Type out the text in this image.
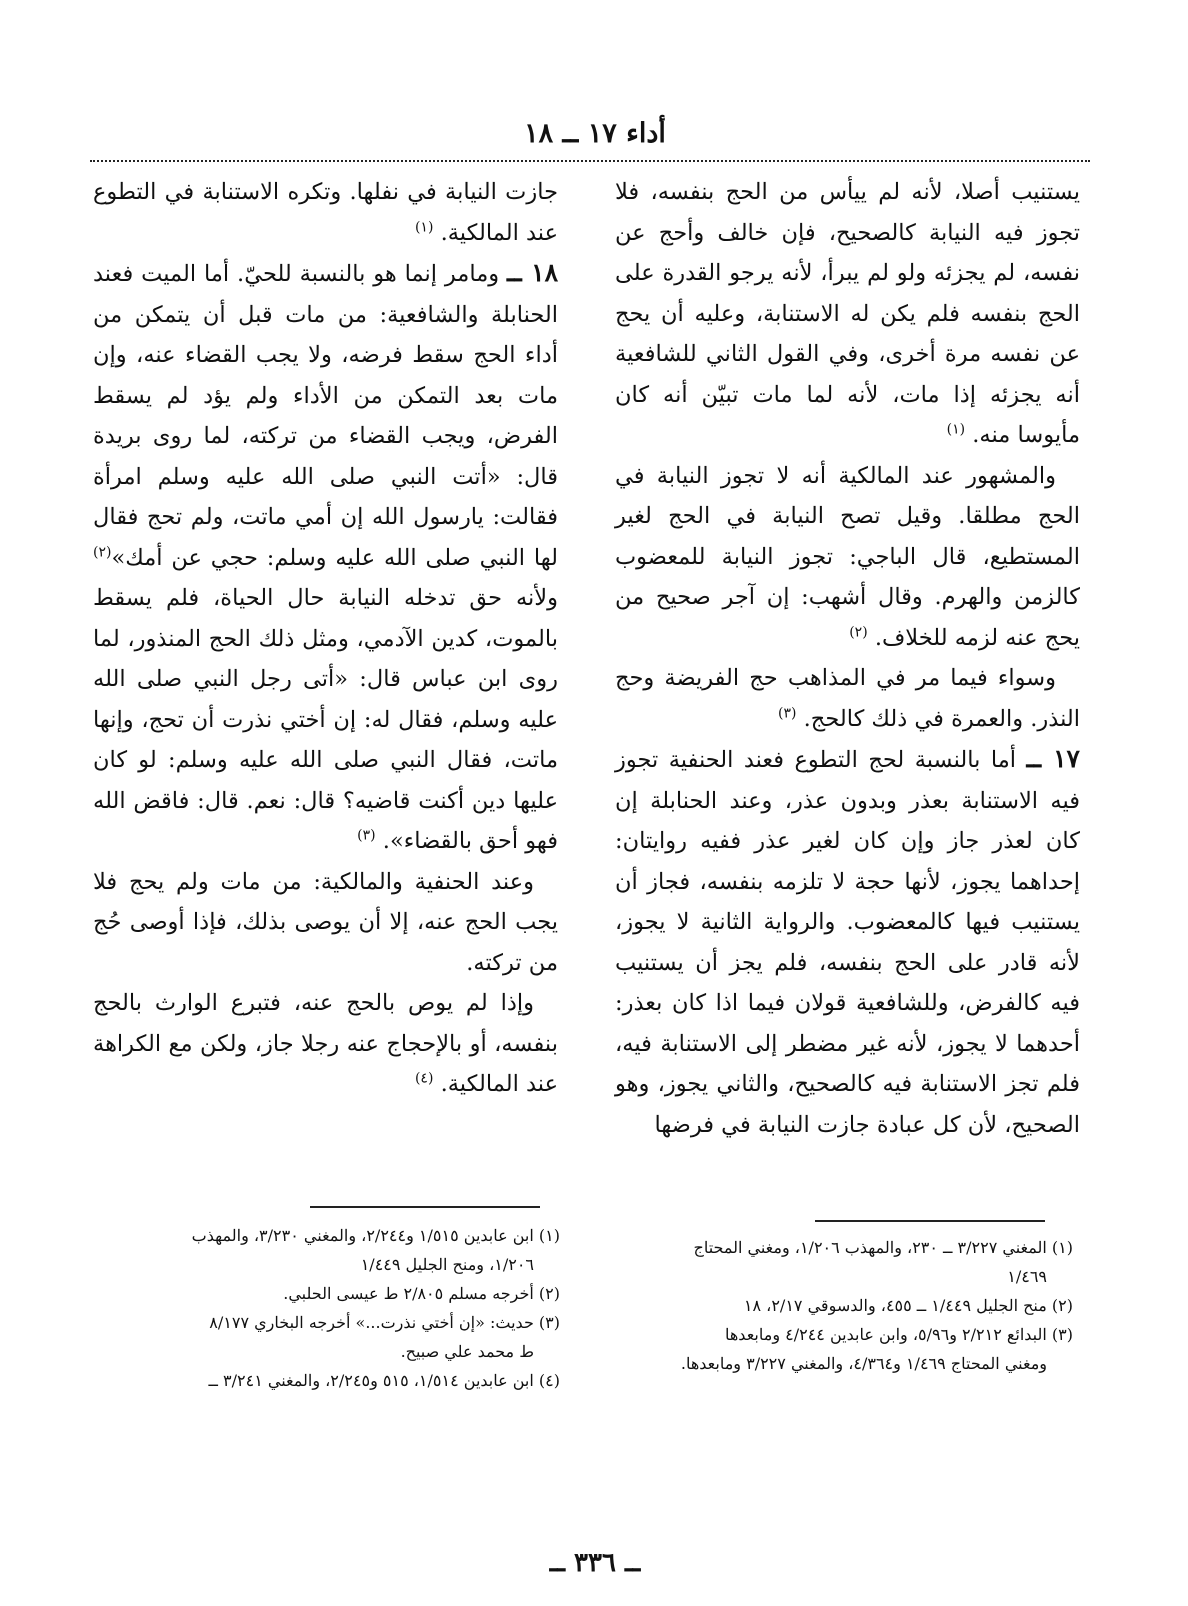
أداء ١٧ ــ ١٨

يستنيب أصلا، لأنه لم ييأس من الحج بنفسه، فلا تجوز فيه النيابة كالصحيح، فإن خالف وأحج عن نفسه، لم يجزئه ولو لم يبرأ، لأنه يرجو القدرة على الحج بنفسه فلم يكن له الاستنابة، وعليه أن يحج عن نفسه مرة أخرى، وفي القول الثاني للشافعية أنه يجزئه إذا مات، لأنه لما مات تبيّن أنه كان مأيوسا منه. $^{(١)}$

والمشهور عند المالكية أنه لا تجوز النيابة في الحج مطلقا. وقيل تصح النيابة في الحج لغير المستطيع، قال الباجي: تجوز النيابة للمعضوب كالزمن والهرم. وقال أشهب: إن آجر صحيح من يحج عنه لزمه للخلاف. $^{(٢)}$

وسواء فيما مر في المذاهب حج الفريضة وحج النذر. والعمرة في ذلك كالحج. $^{(٣)}$

١٧ ــ أما بالنسبة لحج التطوع فعند الحنفية تجوز فيه الاستنابة بعذر وبدون عذر، وعند الحنابلة إن كان لعذر جاز وإن كان لغير عذر ففيه روايتان: إحداهما يجوز، لأنها حجة لا تلزمه بنفسه، فجاز أن يستنيب فيها كالمعضوب. والرواية الثانية لا يجوز، لأنه قادر على الحج بنفسه، فلم يجز أن يستنيب فيه كالفرض، وللشافعية قولان فيما اذا كان بعذر: أحدهما لا يجوز، لأنه غير مضطر إلى الاستنابة فيه، فلم تجز الاستنابة فيه كالصحيح، والثاني يجوز، وهو الصحيح، لأن كل عبادة جازت النيابة في فرضها

جازت النيابة في نفلها. وتكره الاستنابة في التطوع عند المالكية. $^{(١)}$

١٨ ــ ومامر إنما هو بالنسبة للحيّ. أما الميت فعند الحنابلة والشافعية: من مات قبل أن يتمكن من أداء الحج سقط فرضه، ولا يجب القضاء عنه، وإن مات بعد التمكن من الأداء ولم يؤد لم يسقط الفرض، ويجب القضاء من تركته، لما روى بريدة قال: «أتت النبي صلى الله عليه وسلم امرأة فقالت: يارسول الله إن أمي ماتت، ولم تحج فقال لها النبي صلى الله عليه وسلم: حجي عن أمك»$^{(٢)}$ ولأنه حق تدخله النيابة حال الحياة، فلم يسقط بالموت، كدين الآدمي، ومثل ذلك الحج المنذور، لما روى ابن عباس قال: «أتى رجل النبي صلى الله عليه وسلم، فقال له: إن أختي نذرت أن تحج، وإنها ماتت، فقال النبي صلى الله عليه وسلم: لو كان عليها دين أكنت قاضيه؟ قال: نعم. قال: فاقض الله فهو أحق بالقضاء». $^{(٣)}$

وعند الحنفية والمالكية: من مات ولم يحج فلا يجب الحج عنه، إلا أن يوصى بذلك، فإذا أوصى حُج من تركته.

وإذا لم يوص بالحج عنه، فتبرع الوارث بالحج بنفسه، أو بالإحجاج عنه رجلا جاز، ولكن مع الكراهة عند المالكية. $^{(٤)}$

(١) المغني ٣/٢٢٧ ــ ٢٣٠، والمهذب ١/٢٠٦، ومغني المحتاج
١/٤٦٩
(٢) منح الجليل ١/٤٤٩ ــ ٤٥٥، والدسوقي ٢/١٧، ١٨
(٣) البدائع ٢/٢١٢ و٥/٩٦، وابن عابدين ٤/٢٤٤ ومابعدها
ومغني المحتاج ١/٤٦٩ و٤/٣٦٤، والمغني ٣/٢٢٧ ومابعدها.
(١) ابن عابدين ١/٥١٥ و٢/٢٤٤، والمغني ٣/٢٣٠، والمهذب
١/٢٠٦، ومنح الجليل ١/٤٤٩
(٢) أخرجه مسلم ٢/٨٠٥ ط عيسى الحلبي.
(٣) حديث: «إن أختي نذرت...» أخرجه البخاري ٨/١٧٧
ط محمد علي صبيح.
(٤) ابن عابدين ١/٥١٤، ٥١٥ و٢/٢٤٥، والمغني ٣/٢٤١ ــ
ــ ٣٣٦ ــ
